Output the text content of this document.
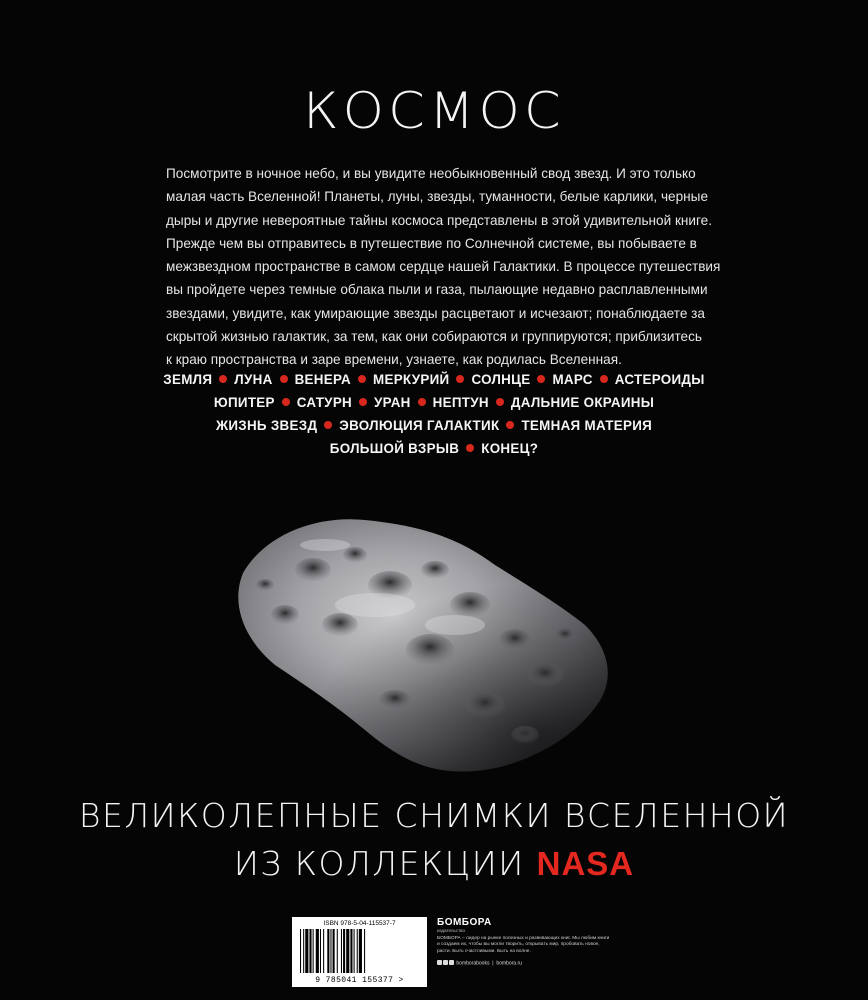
КОСМОС
Посмотрите в ночное небо, и вы увидите необыкновенный свод звезд. И это только
малая часть Вселенной! Планеты, луны, звезды, туманности, белые карлики, черные
дыры и другие невероятные тайны космоса представлены в этой удивительной книге.
Прежде чем вы отправитесь в путешествие по Солнечной системе, вы побываете в
межзвездном пространстве в самом сердце нашей Галактики. В процессе путешествия
вы пройдете через темные облака пыли и газа, пылающие недавно расплавленными
звездами, увидите, как умирающие звезды расцветают и исчезают; понаблюдаете за
скрытой жизнью галактик, за тем, как они собираются и группируются; приблизитесь
к краю пространства и заре времени, узнаете, как родилась Вселенная.
ЗЕМЛЯ ЛУНА ВЕНЕРА МЕРКУРИЙ СОЛНЦЕ МАРС АСТЕРОИДЫ
ЮПИТЕР САТУРН УРАН НЕПТУН ДАЛЬНИЕ ОКРАИНЫ
ЖИЗНЬ ЗВЕЗД ЭВОЛЮЦИЯ ГАЛАКТИК ТЕМНАЯ МАТЕРИЯ
БОЛЬШОЙ ВЗРЫВ КОНЕЦ?
ВЕЛИКОЛЕПНЫЕ СНИМКИ ВСЕЛЕННОЙ
ИЗ КОЛЛЕКЦИИ NASA
ISBN 978-5-04-115537-7
9 785041 155377 >
БОМБОРА
издательство
БОМБОРА – лидер на рынке полезных и развивающих книг. Мы любим книги и создаем их, чтобы вы могли творить, открывать мир, пробовать новое, расти. Быть счастливыми. Быть на волне.
bomborabooks  |  bombora.ru
